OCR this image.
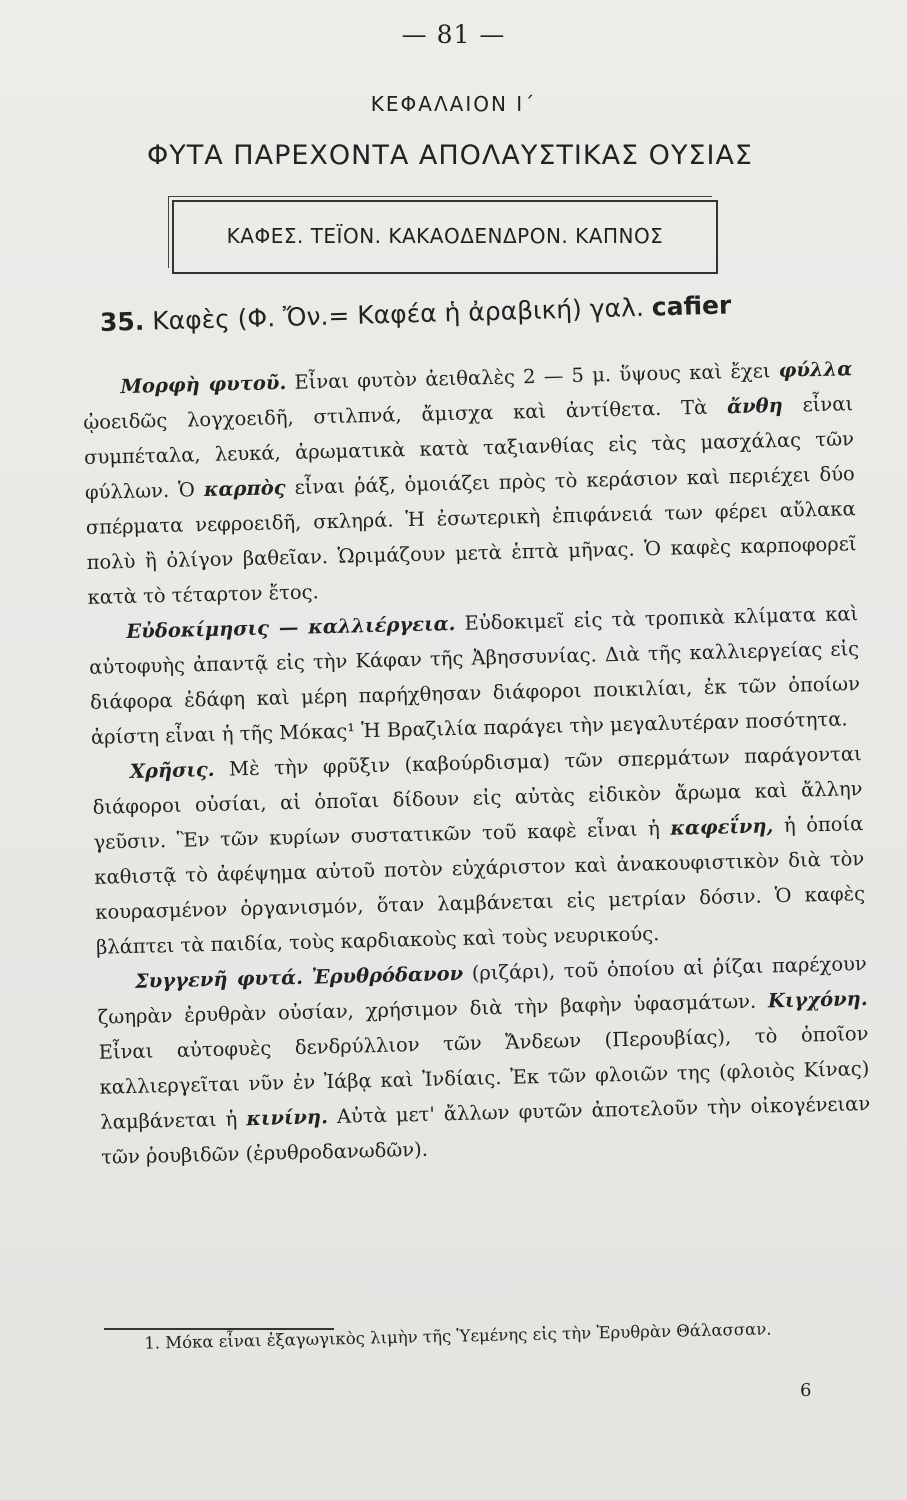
— 81 —
ΚΕΦΑΛΑΙΟΝ Ι΄
ΦΥΤΑ ΠΑΡΕΧΟΝΤΑ ΑΠΟΛΑΥΣΤΙΚΑΣ ΟΥΣΙΑΣ
ΚΑΦΕΣ. ΤΕΪΟΝ. ΚΑΚΑΟΔΕΝΔΡΟΝ. ΚΑΠΝΟΣ
35. Καφὲς (Φ. Ὄν.= Καφέα ἡ ἀραβική) γαλ. cafier

Μορφὴ φυτοῦ. Εἶναι φυτὸν ἀειθαλὲς 2 — 5 μ. ὕψους καὶ ἔχει φύλλα ᾠοειδῶς λογχοειδῆ, στιλπνά, ἄμισχα καὶ ἀντίθετα. Τὰ ἄνθη εἶναι συμπέταλα, λευκά, ἀρωματικὰ κατὰ ταξιανθίας εἰς τὰς μασχάλας τῶν φύλλων. Ὁ καρπὸς εἶναι ῥάξ, ὁμοιάζει πρὸς τὸ κεράσιον καὶ περιέχει δύο σπέρματα νεφροειδῆ, σκληρά. Ἡ ἐσωτερικὴ ἐπιφάνειά των φέρει αὔλακα πολὺ ἢ ὀλίγον βαθεῖαν. Ὡριμάζουν μετὰ ἑπτὰ μῆνας. Ὁ καφὲς καρποφορεῖ κατὰ τὸ τέταρτον ἔτος.

Εὐδοκίμησις — καλλιέργεια. Εὐδοκιμεῖ εἰς τὰ τροπικὰ κλίματα καὶ αὐτοφυὴς ἀπαντᾷ εἰς τὴν Κάφαν τῆς Ἀβησσυνίας. Διὰ τῆς καλλιεργείας εἰς διάφορα ἐδάφη καὶ μέρη παρήχθησαν διάφοροι ποικιλίαι, ἐκ τῶν ὁποίων ἀρίστη εἶναι ἡ τῆς Μόκας¹ Ἡ Βραζιλία παράγει τὴν μεγαλυτέραν ποσότητα.

Χρῆσις. Μὲ τὴν φρῦξιν (καβούρδισμα) τῶν σπερμάτων παράγονται διάφοροι οὐσίαι, αἱ ὁποῖαι δίδουν εἰς αὐτὰς εἰδικὸν ἄρωμα καὶ ἄλλην γεῦσιν. Ἓν τῶν κυρίων συστατικῶν τοῦ καφὲ εἶναι ἡ καφεΐνη, ἡ ὁποία καθιστᾷ τὸ ἀφέψημα αὐτοῦ ποτὸν εὐχάριστον καὶ ἀνακουφιστικὸν διὰ τὸν κουρασμένον ὀργανισμόν, ὅταν λαμβάνεται εἰς μετρίαν δόσιν. Ὁ καφὲς βλάπτει τὰ παιδία, τοὺς καρδιακοὺς καὶ τοὺς νευρικούς.

Συγγενῆ φυτά. Ἐρυθρόδανον (ριζάρι), τοῦ ὁποίου αἱ ῥίζαι παρέχουν ζωηρὰν ἐρυθρὰν οὐσίαν, χρήσιμον διὰ τὴν βαφὴν ὑφασμάτων. Κιγχόνη. Εἶναι αὐτοφυὲς δενδρύλλιον τῶν Ἄνδεων (Περουβίας), τὸ ὁποῖον καλλιεργεῖται νῦν ἐν Ἰάβᾳ καὶ Ἰνδίαις. Ἐκ τῶν φλοιῶν της (φλοιὸς Κίνας) λαμβάνεται ἡ κινίνη. Αὐτὰ μετ' ἄλλων φυτῶν ἀποτελοῦν τὴν οἰκογένειαν τῶν ῥουβιδῶν (ἐρυθροδανωδῶν).

1. Μόκα εἶναι ἐξαγωγικὸς λιμὴν τῆς Ὑεμένης εἰς τὴν Ἐρυθρὰν Θάλασσαν.

6
